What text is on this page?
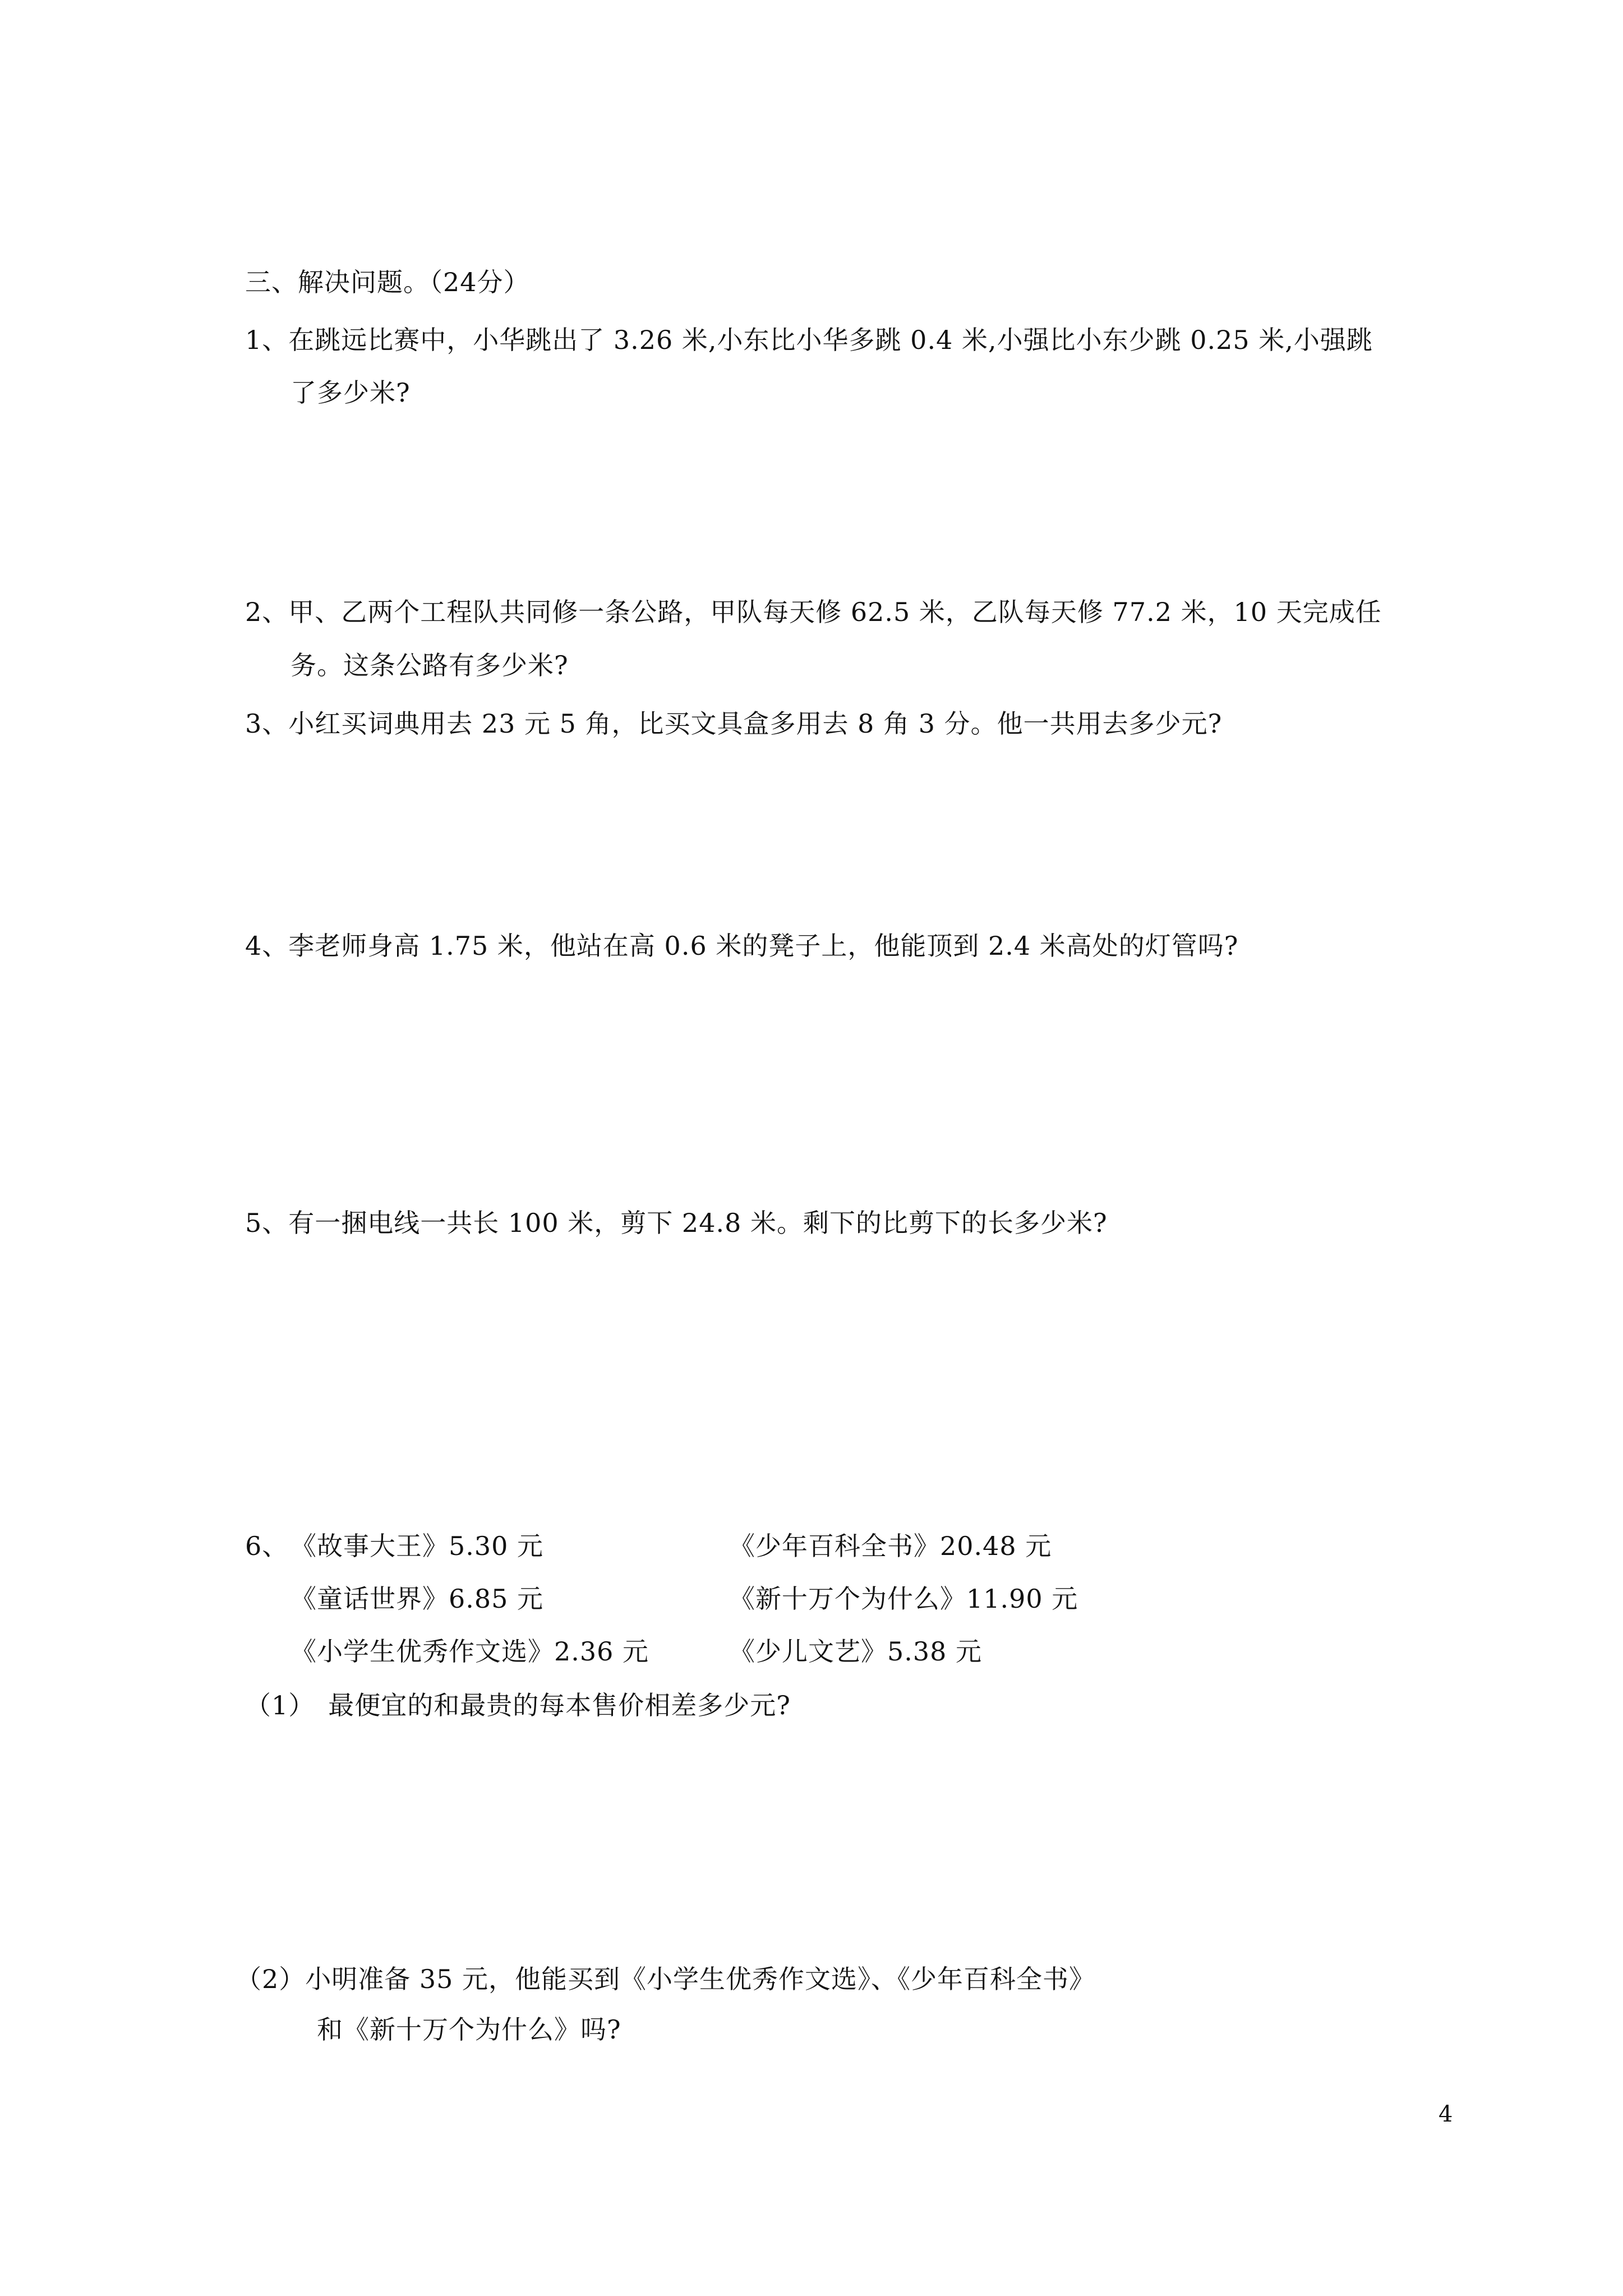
三、解决问题。（24分）
1、在跳远比赛中，小华跳出了 3.26 米,小东比小华多跳 0.4 米,小强比小东少跳 0.25 米,小强跳
了多少米?
2、甲、乙两个工程队共同修一条公路，甲队每天修 62.5 米，乙队每天修 77.2 米，10 天完成任
务。这条公路有多少米?
3、小红买词典用去 23 元 5 角，比买文具盒多用去 8 角 3 分。他一共用去多少元?
4、李老师身高 1.75 米，他站在高 0.6 米的凳子上，他能顶到 2.4 米高处的灯管吗?
5、有一捆电线一共长 100 米，剪下 24.8 米。剩下的比剪下的长多少米?
6、 《故事大王》5.30 元	《少年百科全书》20.48 元
《童话世界》6.85 元	《新十万个为什么》11.90 元
《小学生优秀作文选》2.36 元	《少儿文艺》5.38 元
（1）　最便宜的和最贵的每本售价相差多少元?
（2）小明准备 35 元，他能买到《小学生优秀作文选》、《少年百科全书》
和《新十万个为什么》吗?
4
